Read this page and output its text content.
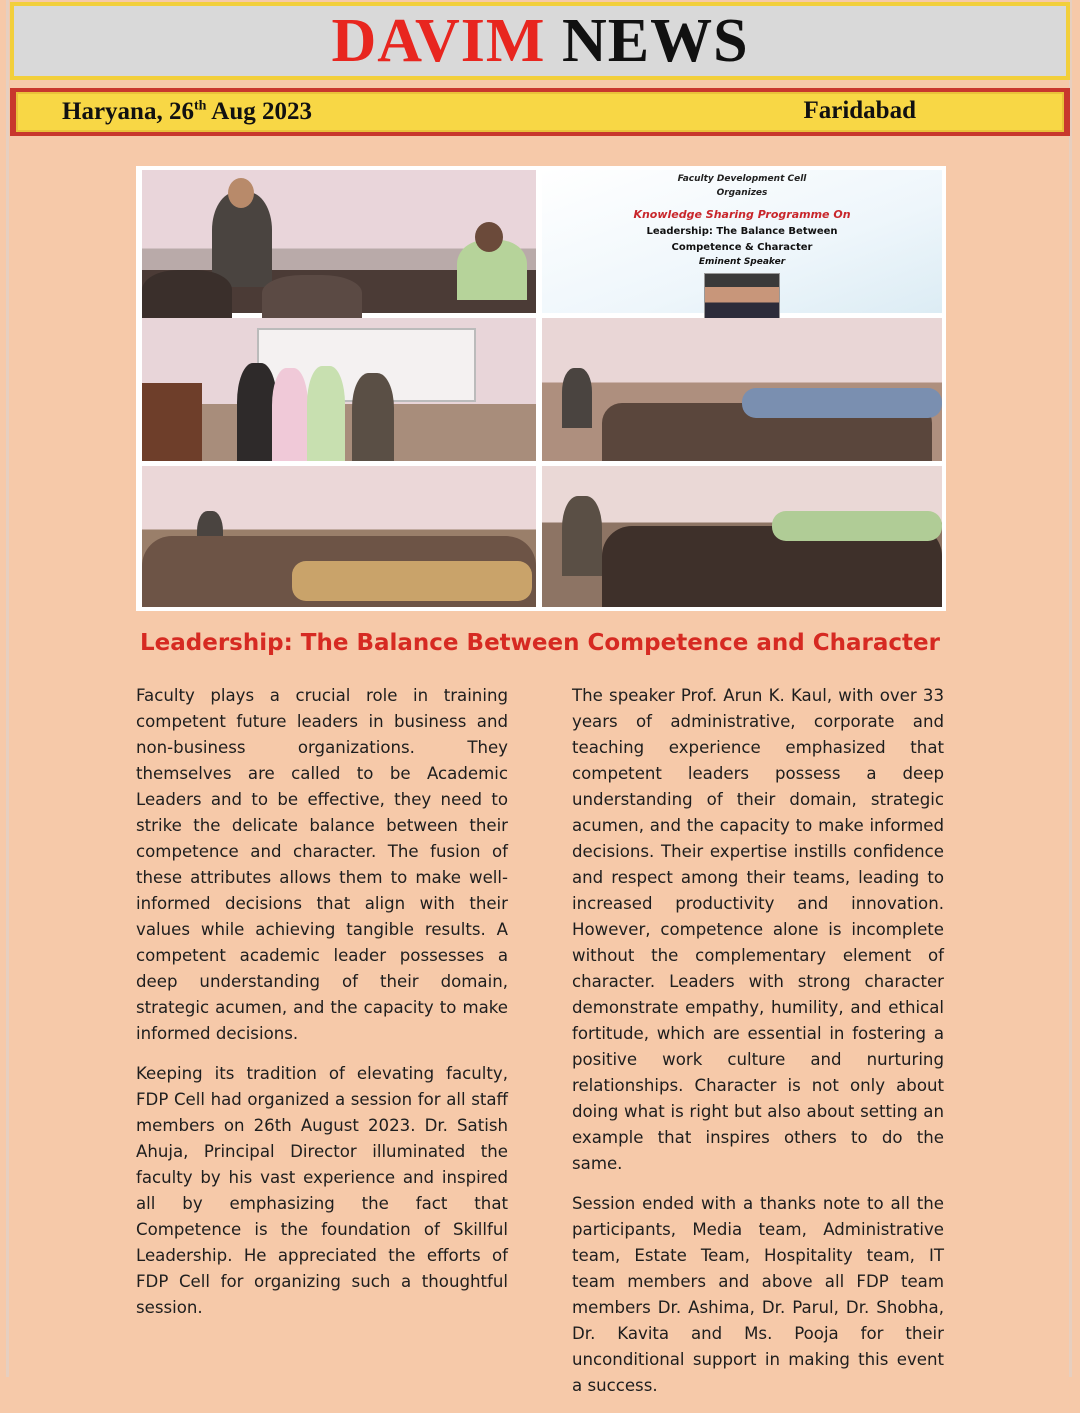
DAVIM NEWS
Haryana, 26th Aug 2023	Faridabad
Faculty Development Cell
Organizes
Knowledge Sharing Programme On
Leadership: The Balance Between
Competence & Character
Eminent Speaker
Leadership: The Balance Between Competence and Character

Faculty plays a crucial role in training competent future leaders in business and non-business organizations. They themselves are called to be Academic Leaders and to be effective, they need to strike the delicate balance between their competence and character. The fusion of these attributes allows them to make well-informed decisions that align with their values while achieving tangible results. A competent academic leader possesses a deep understanding of their domain, strategic acumen, and the capacity to make informed decisions.

Keeping its tradition of elevating faculty, FDP Cell had organized a session for all staff members on 26th August 2023. Dr. Satish Ahuja, Principal Director illuminated the faculty by his vast experience and inspired all by emphasizing the fact that Competence is the foundation of Skillful Leadership. He appreciated the efforts of FDP Cell for organizing such a thoughtful session.

The speaker Prof. Arun K. Kaul, with over 33 years of administrative, corporate and teaching experience emphasized that competent leaders possess a deep understanding of their domain, strategic acumen, and the capacity to make informed decisions. Their expertise instills confidence and respect among their teams, leading to increased productivity and innovation. However, competence alone is incomplete without the complementary element of character. Leaders with strong character demonstrate empathy, humility, and ethical fortitude, which are essential in fostering a positive work culture and nurturing relationships. Character is not only about doing what is right but also about setting an example that inspires others to do the same.

Session ended with a thanks note to all the participants, Media team, Administrative team, Estate Team, Hospitality team, IT team members and above all FDP team members Dr. Ashima, Dr. Parul, Dr. Shobha, Dr. Kavita and Ms. Pooja for their unconditional support in making this event a success.
